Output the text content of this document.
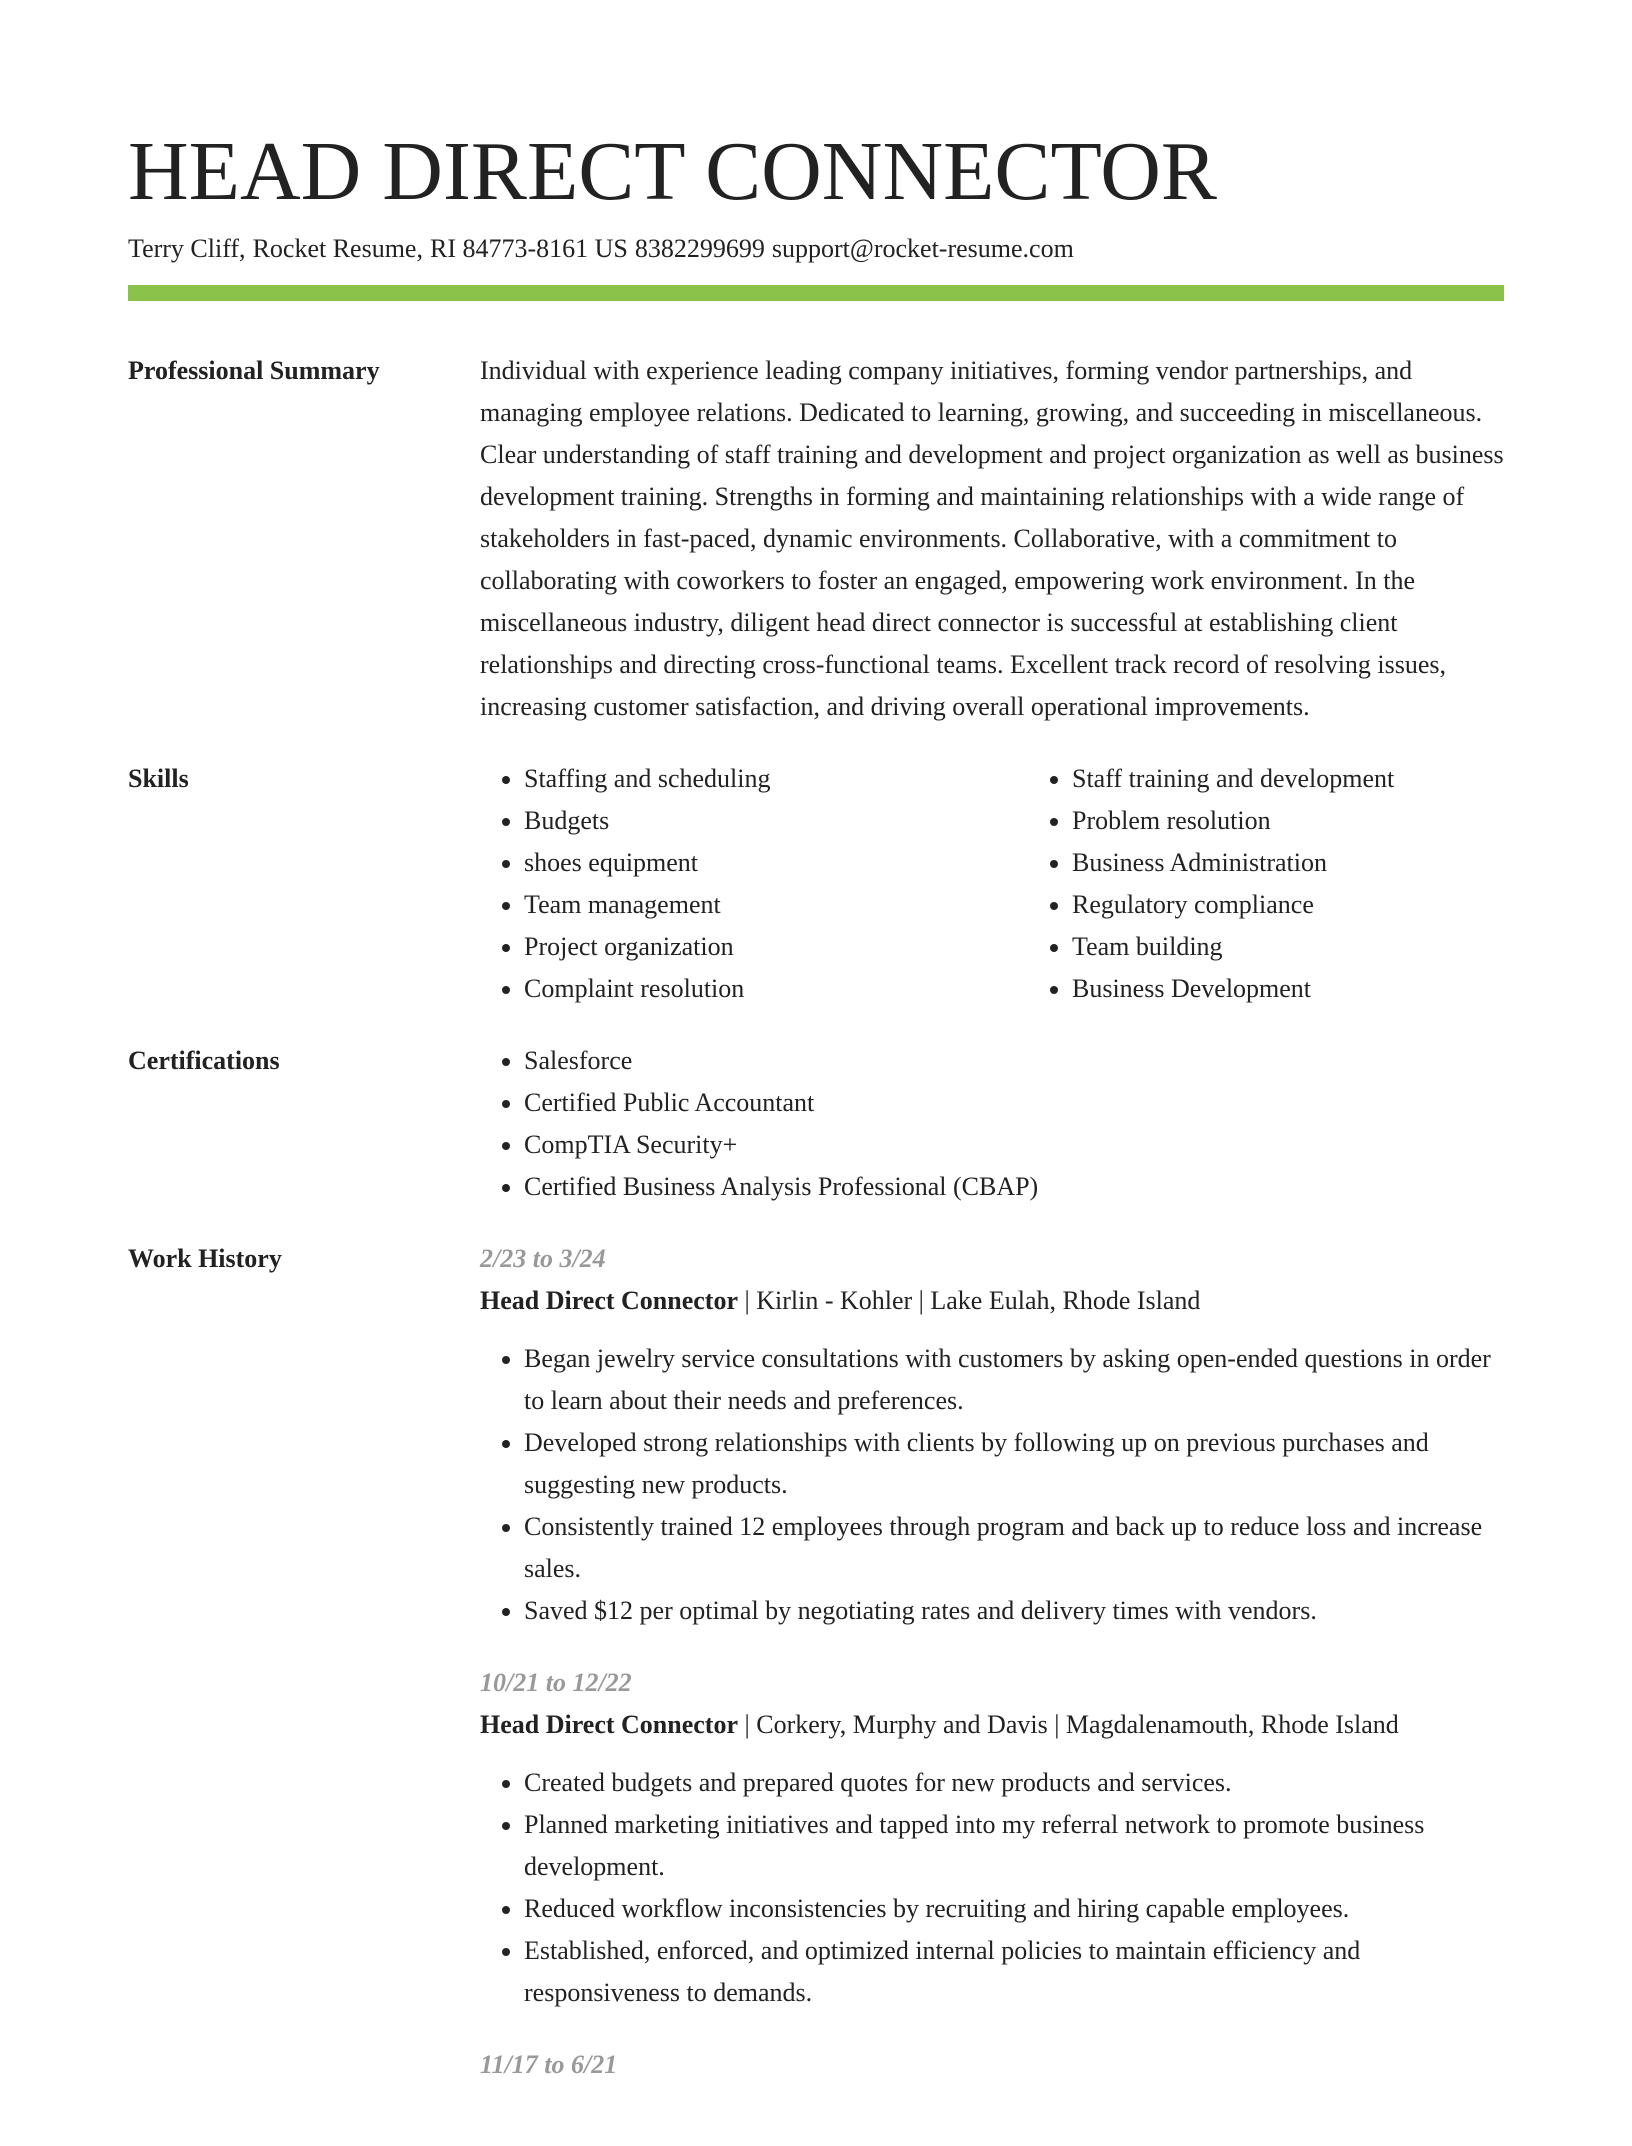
HEAD DIRECT CONNECTOR
Terry Cliff, Rocket Resume, RI 84773-8161 US 8382299699 support@rocket-resume.com
Professional Summary	Individual with experience leading company initiatives, forming vendor partnerships, and managing employee relations. Dedicated to learning, growing, and succeeding in miscellaneous. Clear understanding of staff training and development and project organization as well as business development training. Strengths in forming and maintaining relationships with a wide range of stakeholders in fast-paced, dynamic environments. Collaborative, with a commitment to collaborating with coworkers to foster an engaged, empowering work environment. In the miscellaneous industry, diligent head direct connector is successful at establishing client relationships and directing cross-functional teams. Excellent track record of resolving issues, increasing customer satisfaction, and driving overall operational improvements.

Skills	• Staffing and scheduling
• Budgets
• shoes equipment
• Team management
• Project organization
• Complaint resolution
• Staff training and development
• Problem resolution
• Business Administration
• Regulatory compliance
• Team building
• Business Development
Certifications	• Salesforce
• Certified Public Accountant
• CompTIA Security+
• Certified Business Analysis Professional (CBAP)
Work History	2/23 to 3/24
Head Direct Connector | Kirlin - Kohler | Lake Eulah, Rhode Island
• Began jewelry service consultations with customers by asking open-ended questions in order to learn about their needs and preferences.
• Developed strong relationships with clients by following up on previous purchases and suggesting new products.
• Consistently trained 12 employees through program and back up to reduce loss and increase sales.
• Saved $12 per optimal by negotiating rates and delivery times with vendors.
10/21 to 12/22
Head Direct Connector | Corkery, Murphy and Davis | Magdalenamouth, Rhode Island
• Created budgets and prepared quotes for new products and services.
• Planned marketing initiatives and tapped into my referral network to promote business development.
• Reduced workflow inconsistencies by recruiting and hiring capable employees.
• Established, enforced, and optimized internal policies to maintain efficiency and responsiveness to demands.
11/17 to 6/21
